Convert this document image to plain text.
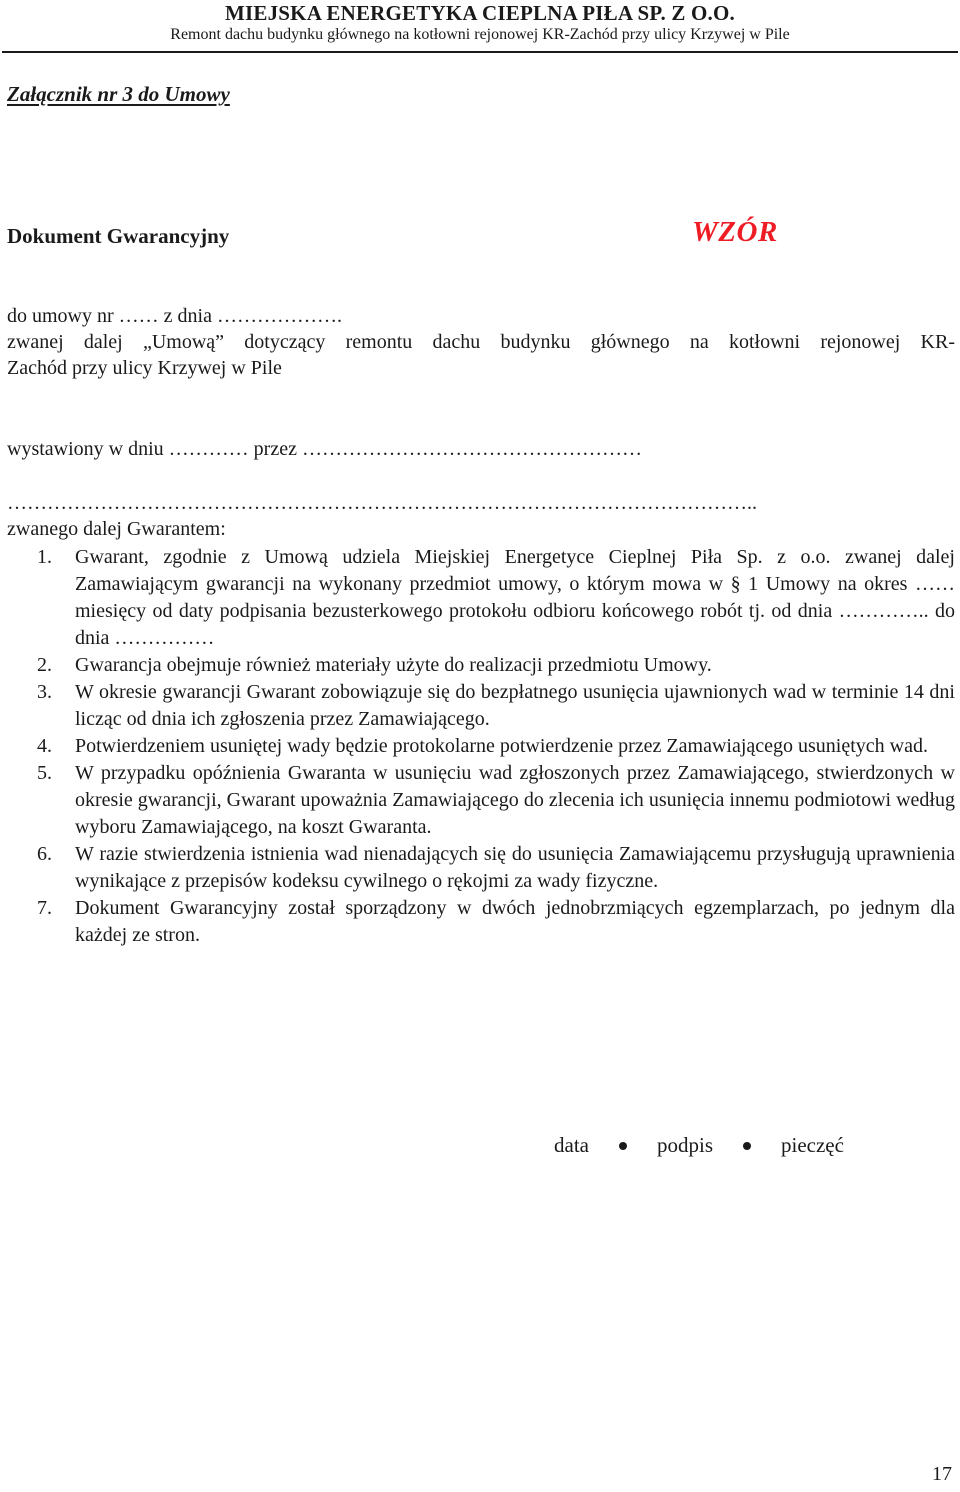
MIEJSKA ENERGETYKA CIEPLNA PIŁA SP. Z O.O.
Remont dachu budynku głównego na kotłowni rejonowej KR-Zachód przy ulicy Krzywej w Pile
Załącznik nr 3 do Umowy
Dokument Gwarancyjny	WZÓR
do umowy nr …… z dnia ……………….
zwanej dalej „Umową” dotyczący remontu dachu budynku głównego na kotłowni rejonowej KR-
Zachód przy ulicy Krzywej w Pile
wystawiony w dniu ………… przez ……………………………………………
…………………………………………………………………………………………………..
zwanego dalej Gwarantem:
1. Gwarant, zgodnie z Umową udziela Miejskiej Energetyce Cieplnej Piła Sp. z o.o. zwanej dalej Zamawiającym gwarancji na wykonany przedmiot umowy, o którym mowa w § 1 Umowy na okres …… miesięcy od daty podpisania bezusterkowego protokołu odbioru końcowego robót tj. od dnia ………….. do dnia ……………
2. Gwarancja obejmuje również materiały użyte do realizacji przedmiotu Umowy.
3. W okresie gwarancji Gwarant zobowiązuje się do bezpłatnego usunięcia ujawnionych wad w terminie 14 dni licząc od dnia ich zgłoszenia przez Zamawiającego.
4. Potwierdzeniem usuniętej wady będzie protokolarne potwierdzenie przez Zamawiającego usuniętych wad.
5. W przypadku opóźnienia Gwaranta w usunięciu wad zgłoszonych przez Zamawiającego, stwierdzonych w okresie gwarancji, Gwarant upoważnia Zamawiającego do zlecenia ich usunięcia innemu podmiotowi według wyboru Zamawiającego, na koszt Gwaranta.
6. W razie stwierdzenia istnienia wad nienadających się do usunięcia Zamawiającemu przysługują uprawnienia wynikające z przepisów kodeksu cywilnego o rękojmi za wady fizyczne.
7. Dokument Gwarancyjny został sporządzony w dwóch jednobrzmiących egzemplarzach, po jednym dla każdej ze stron.
data	podpis	pieczęć
17
